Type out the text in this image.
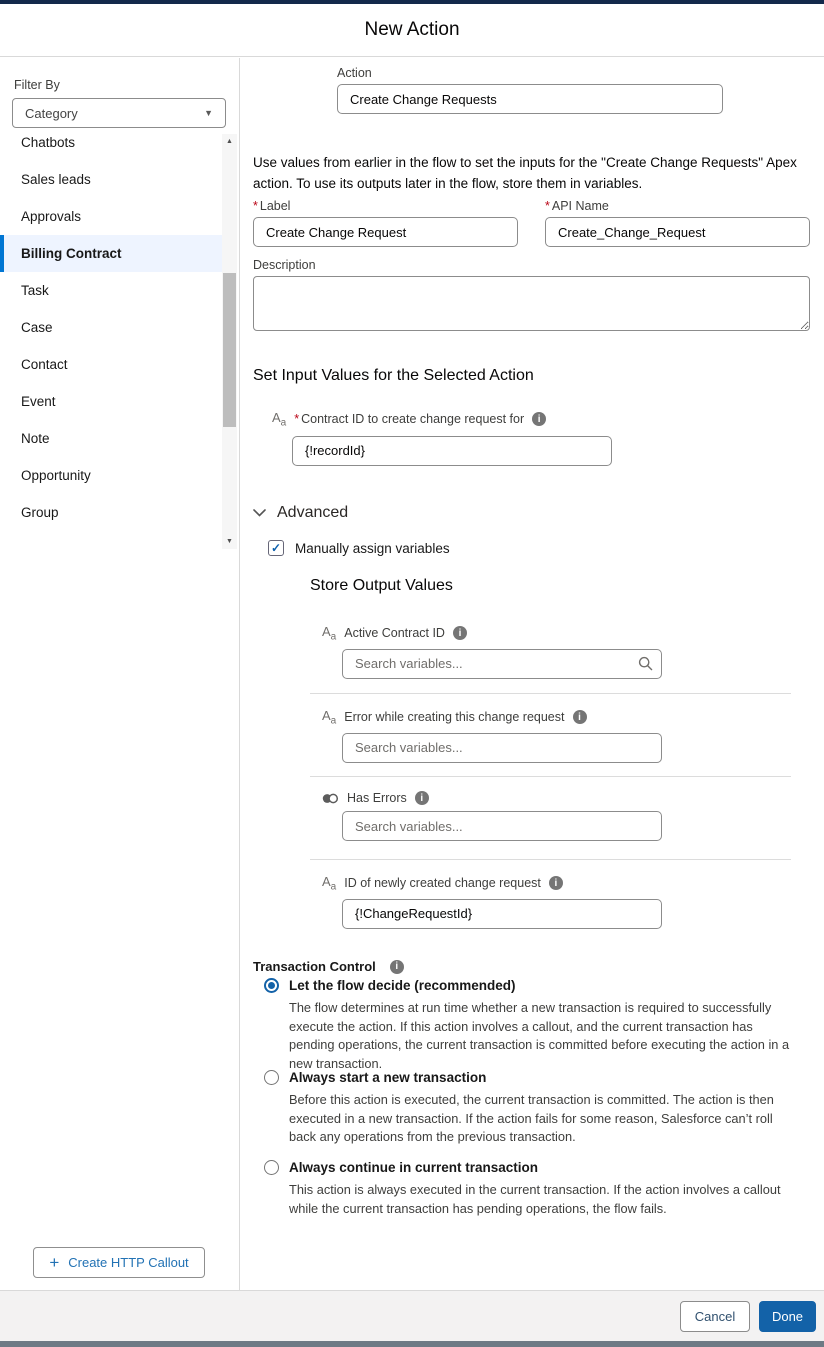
New Action
Filter By
Category	▼
Chatbots
Sales leads
Approvals
Billing Contract
Task
Case
Contact
Event
Note
Opportunity
Group
▲
▼
+ Create HTTP Callout
Action
Create Change Requests
Use values from earlier in the flow to set the inputs for the "Create Change Requests" Apex action. To use its outputs later in the flow, store them in variables.
* Label
Create Change Request	* API Name
Create_Change_Request
Description
Set Input Values for the Selected Action
$A_a$ * Contract ID to create change request for	i
{!recordId}
Advanced
✓ Manually assign variables
Store Output Values
$A_a$ Active Contract ID	i
Search variables...
$A_a$ Error while creating this change request	i
Search variables...
Has Errors	i
Search variables...
$A_a$ ID of newly created change request	i
{!ChangeRequestId}
Transaction Control	i
Let the flow decide (recommended)
The flow determines at run time whether a new transaction is required to successfully execute the action. If this action involves a callout, and the current transaction has pending operations, the current transaction is committed before executing the action in a new transaction.
Always start a new transaction
Before this action is executed, the current transaction is committed. The action is then executed in a new transaction. If the action fails for some reason, Salesforce can’t roll back any operations from the previous transaction.
Always continue in current transaction
This action is always executed in the current transaction. If the action involves a callout while the current transaction has pending operations, the flow fails.
Cancel	Done
